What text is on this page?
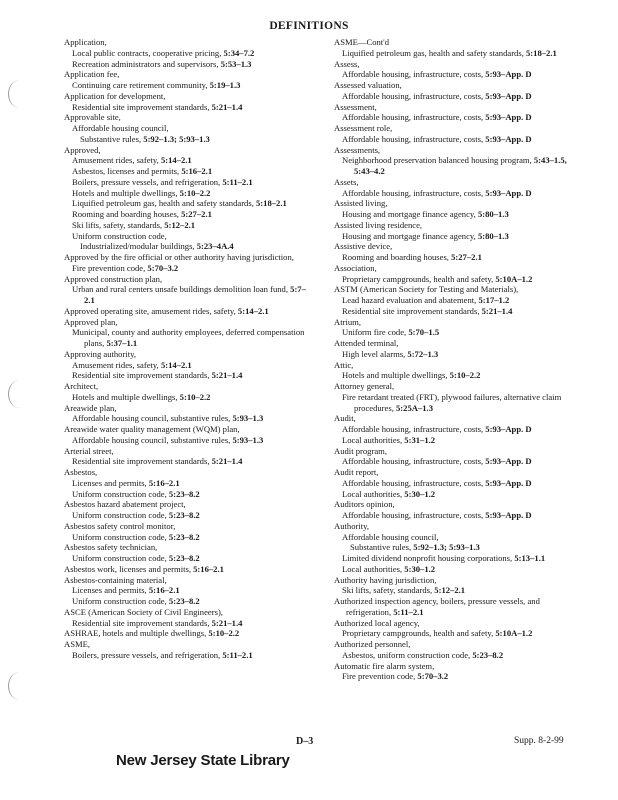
DEFINITIONS

Application,

Local public contracts, cooperative pricing, 5:34–7.2

Recreation administrators and supervisors, 5:53–1.3

Application fee,

Continuing care retirement community, 5:19–1.3

Application for development,

Residential site improvement standards, 5:21–1.4

Approvable site,

Affordable housing council,

Substantive rules, 5:92–1.3; 5:93–1.3

Approved,

Amusement rides, safety, 5:14–2.1

Asbestos, licenses and permits, 5:16–2.1

Boilers, pressure vessels, and refrigeration, 5:11–2.1

Hotels and multiple dwellings, 5:10–2.2

Liquified petroleum gas, health and safety standards, 5:18–2.1

Rooming and boarding houses, 5:27–2.1

Ski lifts, safety, standards, 5:12–2.1

Uniform construction code,

Industrialized/modular buildings, 5:23–4A.4

Approved by the fire official or other authority having jurisdiction,

Fire prevention code, 5:70–3.2

Approved construction plan,

Urban and rural centers unsafe buildings demolition loan fund, 5:7–2.1

Approved operating site, amusement rides, safety, 5:14–2.1

Approved plan,

Municipal, county and authority employees, deferred compensation plans, 5:37–1.1

Approving authority,

Amusement rides, safety, 5:14–2.1

Residential site improvement standards, 5:21–1.4

Architect,

Hotels and multiple dwellings, 5:10–2.2

Areawide plan,

Affordable housing council, substantive rules, 5:93–1.3

Areawide water quality management (WQM) plan,

Affordable housing council, substantive rules, 5:93–1.3

Arterial street,

Residential site improvement standards, 5:21–1.4

Asbestos,

Licenses and permits, 5:16–2.1

Uniform construction code, 5:23–8.2

Asbestos hazard abatement project,

Uniform construction code, 5:23–8.2

Asbestos safety control monitor,

Uniform construction code, 5:23–8.2

Asbestos safety technician,

Uniform construction code, 5:23–8.2

Asbestos work, licenses and permits, 5:16–2.1

Asbestos-containing material,

Licenses and permits, 5:16–2.1

Uniform construction code, 5:23–8.2

ASCE (American Society of Civil Engineers),

Residential site improvement standards, 5:21–1.4

ASHRAE, hotels and multiple dwellings, 5:10–2.2

ASME,

Boilers, pressure vessels, and refrigeration, 5:11–2.1

ASME—Cont'd

Liquified petroleum gas, health and safety standards, 5:18–2.1

Assess,

Affordable housing, infrastructure, costs, 5:93–App. D

Assessed valuation,

Affordable housing, infrastructure, costs, 5:93–App. D

Assessment,

Affordable housing, infrastructure, costs, 5:93–App. D

Assessment role,

Affordable housing, infrastructure, costs, 5:93–App. D

Assessments,

Neighborhood preservation balanced housing program, 5:43–1.5, 5:43–4.2

Assets,

Affordable housing, infrastructure, costs, 5:93–App. D

Assisted living,

Housing and mortgage finance agency, 5:80–1.3

Assisted living residence,

Housing and mortgage finance agency, 5:80–1.3

Assistive device,

Rooming and boarding houses, 5:27–2.1

Association,

Proprietary campgrounds, health and safety, 5:10A–1.2

ASTM (American Society for Testing and Materials),

Lead hazard evaluation and abatement, 5:17–1.2

Residential site improvement standards, 5:21–1.4

Atrium,

Uniform fire code, 5:70–1.5

Attended terminal,

High level alarms, 5:72–1.3

Attic,

Hotels and multiple dwellings, 5:10–2.2

Attorney general,

Fire retardant treated (FRT), plywood failures, alternative claim procedures, 5:25A–1.3

Audit,

Affordable housing, infrastructure, costs, 5:93–App. D

Local authorities, 5:31–1.2

Audit program,

Affordable housing, infrastructure, costs, 5:93–App. D

Audit report,

Affordable housing, infrastructure, costs, 5:93–App. D

Local authorities, 5:30–1.2

Auditors opinion,

Affordable housing, infrastructure, costs, 5:93–App. D

Authority,

Affordable housing council,

Substantive rules, 5:92–1.3; 5:93–1.3

Limited dividend nonprofit housing corporations, 5:13–1.1

Local authorities, 5:30–1.2

Authority having jurisdiction,

Ski lifts, safety, standards, 5:12–2.1

Authorized inspection agency, boilers, pressure vessels, and refrigeration, 5:11–2.1

Authorized local agency,

Proprietary campgrounds, health and safety, 5:10A–1.2

Authorized personnel,

Asbestos, uniform construction code, 5:23–8.2

Automatic fire alarm system,

Fire prevention code, 5:70–3.2

D–3	Supp. 8-2-99
New Jersey State Library
